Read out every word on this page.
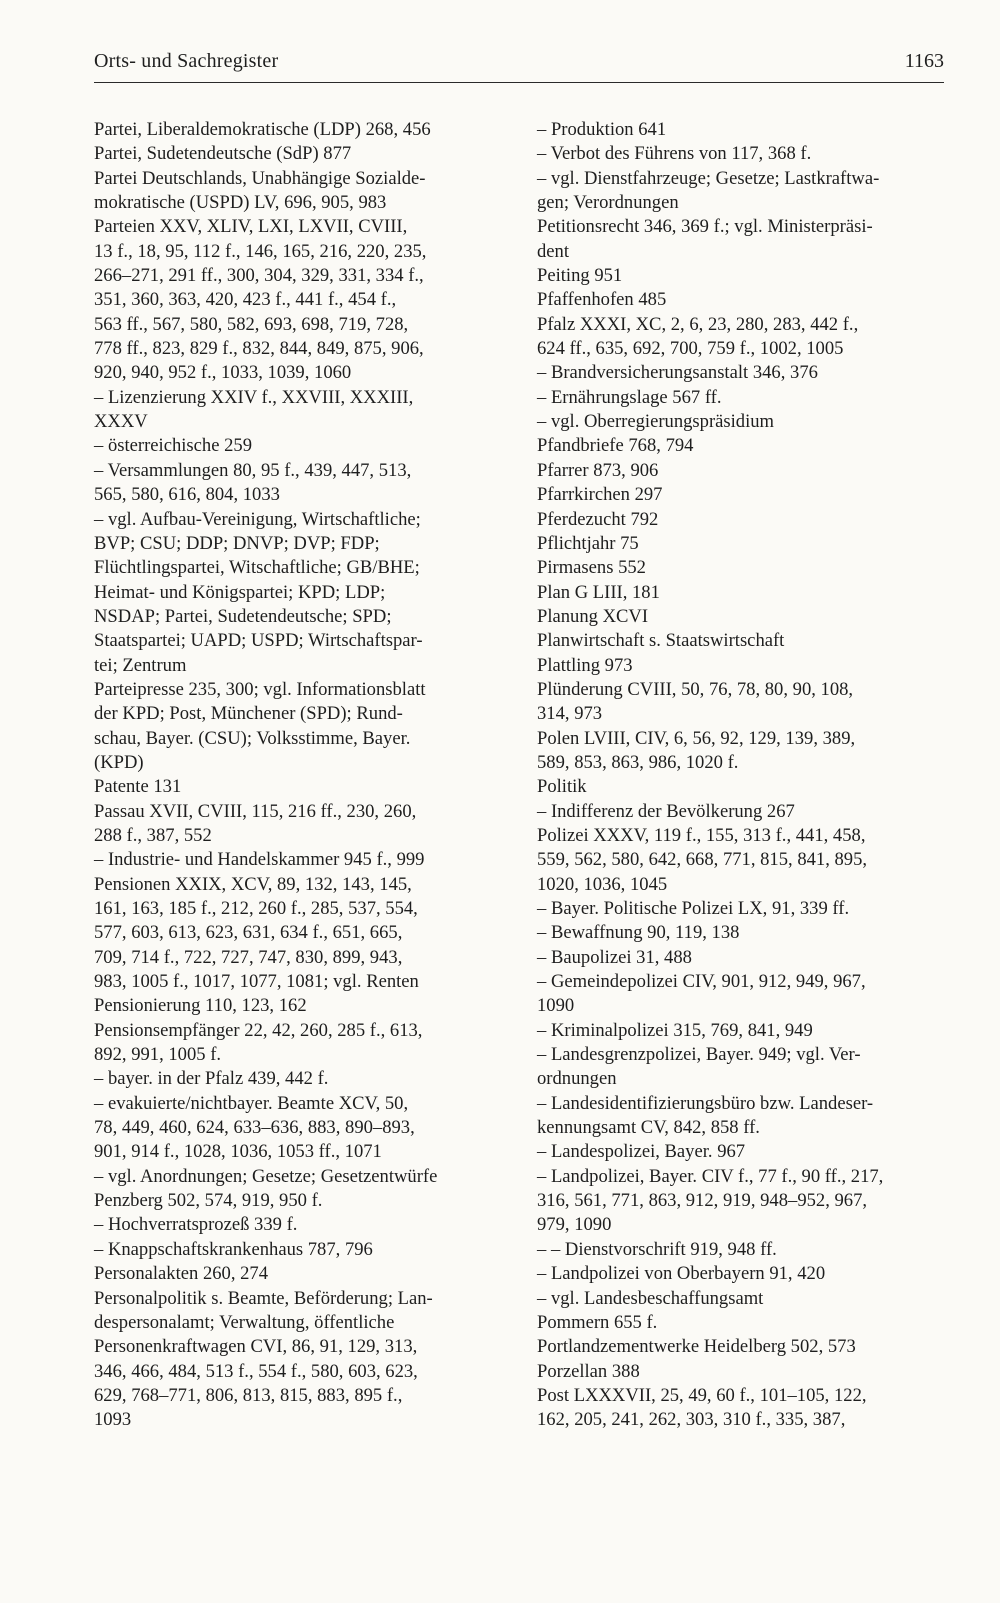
Orts- und Sachregister	1163
Partei, Liberaldemokratische (LDP) 268, 456
Partei, Sudetendeutsche (SdP) 877
Partei Deutschlands, Unabhängige Sozialde-
mokratische (USPD) LV, 696, 905, 983
Parteien XXV, XLIV, LXI, LXVII, CVIII,
13 f., 18, 95, 112 f., 146, 165, 216, 220, 235,
266–271, 291 ff., 300, 304, 329, 331, 334 f.,
351, 360, 363, 420, 423 f., 441 f., 454 f.,
563 ff., 567, 580, 582, 693, 698, 719, 728,
778 ff., 823, 829 f., 832, 844, 849, 875, 906,
920, 940, 952 f., 1033, 1039, 1060
– Lizenzierung XXIV f., XXVIII, XXXIII,
XXXV
– österreichische 259
– Versammlungen 80, 95 f., 439, 447, 513,
565, 580, 616, 804, 1033
– vgl. Aufbau-Vereinigung, Wirtschaftliche;
BVP; CSU; DDP; DNVP; DVP; FDP;
Flüchtlingspartei, Witschaftliche; GB/BHE;
Heimat- und Königspartei; KPD; LDP;
NSDAP; Partei, Sudetendeutsche; SPD;
Staatspartei; UAPD; USPD; Wirtschaftspar-
tei; Zentrum
Parteipresse 235, 300; vgl. Informationsblatt
der KPD; Post, Münchener (SPD); Rund-
schau, Bayer. (CSU); Volksstimme, Bayer.
(KPD)
Patente 131
Passau XVII, CVIII, 115, 216 ff., 230, 260,
288 f., 387, 552
– Industrie- und Handelskammer 945 f., 999
Pensionen XXIX, XCV, 89, 132, 143, 145,
161, 163, 185 f., 212, 260 f., 285, 537, 554,
577, 603, 613, 623, 631, 634 f., 651, 665,
709, 714 f., 722, 727, 747, 830, 899, 943,
983, 1005 f., 1017, 1077, 1081; vgl. Renten
Pensionierung 110, 123, 162
Pensionsempfänger 22, 42, 260, 285 f., 613,
892, 991, 1005 f.
– bayer. in der Pfalz 439, 442 f.
– evakuierte/nichtbayer. Beamte XCV, 50,
78, 449, 460, 624, 633–636, 883, 890–893,
901, 914 f., 1028, 1036, 1053 ff., 1071
– vgl. Anordnungen; Gesetze; Gesetzentwürfe
Penzberg 502, 574, 919, 950 f.
– Hochverratsprozeß 339 f.
– Knappschaftskrankenhaus 787, 796
Personalakten 260, 274
Personalpolitik s. Beamte, Beförderung; Lan-
despersonalamt; Verwaltung, öffentliche
Personenkraftwagen CVI, 86, 91, 129, 313,
346, 466, 484, 513 f., 554 f., 580, 603, 623,
629, 768–771, 806, 813, 815, 883, 895 f.,
1093
– Produktion 641
– Verbot des Führens von 117, 368 f.
– vgl. Dienstfahrzeuge; Gesetze; Lastkraftwa-
gen; Verordnungen
Petitionsrecht 346, 369 f.; vgl. Ministerpräsi-
dent
Peiting 951
Pfaffenhofen 485
Pfalz XXXI, XC, 2, 6, 23, 280, 283, 442 f.,
624 ff., 635, 692, 700, 759 f., 1002, 1005
– Brandversicherungsanstalt 346, 376
– Ernährungslage 567 ff.
– vgl. Oberregierungspräsidium
Pfandbriefe 768, 794
Pfarrer 873, 906
Pfarrkirchen 297
Pferdezucht 792
Pflichtjahr 75
Pirmasens 552
Plan G LIII, 181
Planung XCVI
Planwirtschaft s. Staatswirtschaft
Plattling 973
Plünderung CVIII, 50, 76, 78, 80, 90, 108,
314, 973
Polen LVIII, CIV, 6, 56, 92, 129, 139, 389,
589, 853, 863, 986, 1020 f.
Politik
– Indifferenz der Bevölkerung 267
Polizei XXXV, 119 f., 155, 313 f., 441, 458,
559, 562, 580, 642, 668, 771, 815, 841, 895,
1020, 1036, 1045
– Bayer. Politische Polizei LX, 91, 339 ff.
– Bewaffnung 90, 119, 138
– Baupolizei 31, 488
– Gemeindepolizei CIV, 901, 912, 949, 967,
1090
– Kriminalpolizei 315, 769, 841, 949
– Landesgrenzpolizei, Bayer. 949; vgl. Ver-
ordnungen
– Landesidentifizierungsbüro bzw. Landeser-
kennungsamt CV, 842, 858 ff.
– Landespolizei, Bayer. 967
– Landpolizei, Bayer. CIV f., 77 f., 90 ff., 217,
316, 561, 771, 863, 912, 919, 948–952, 967,
979, 1090
– – Dienstvorschrift 919, 948 ff.
– Landpolizei von Oberbayern 91, 420
– vgl. Landesbeschaffungsamt
Pommern 655 f.
Portlandzementwerke Heidelberg 502, 573
Porzellan 388
Post LXXXVII, 25, 49, 60 f., 101–105, 122,
162, 205, 241, 262, 303, 310 f., 335, 387,
